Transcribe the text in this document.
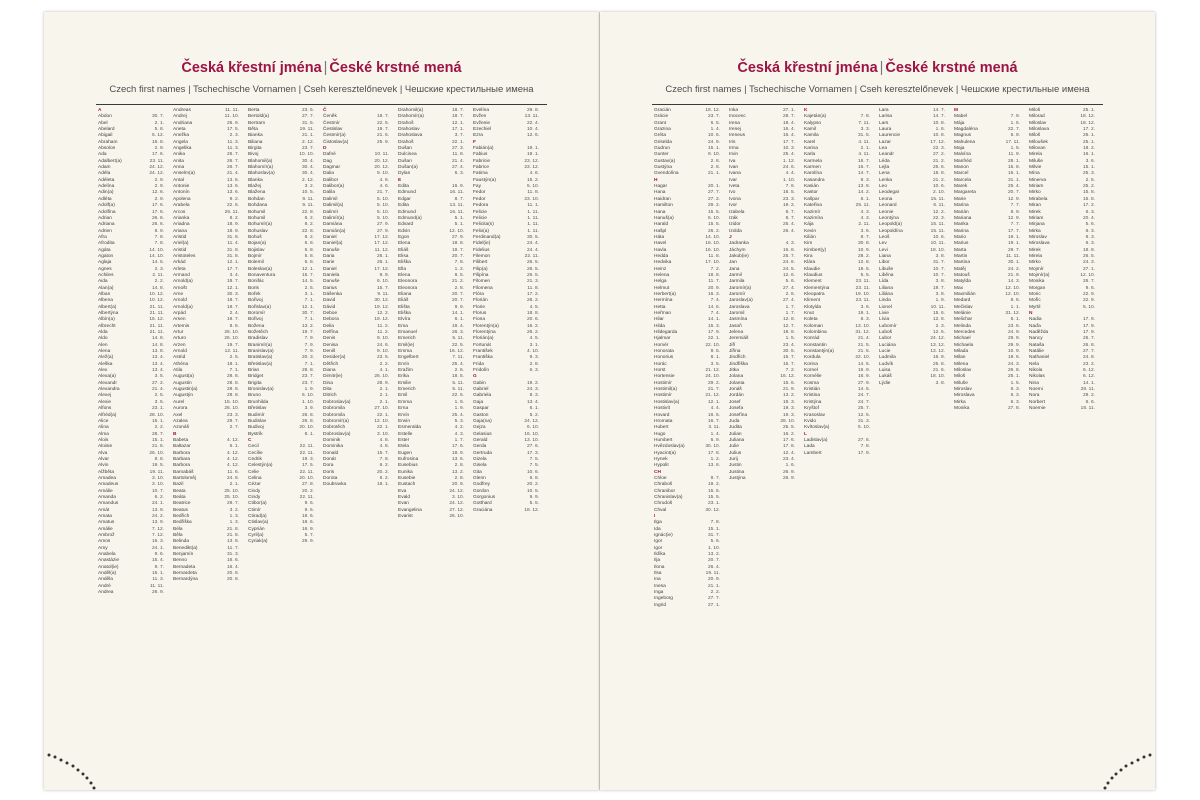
Česká křestní jména | České krstné mená
Czech first names | Tschechische Vornamen | Cseh keresztelőnevek | Чешские крестильные имена
A
Abdon	30. 7.
Abel	2. 1.
Abelard	5. 8.
Abigail	5. 12.
Abraham	16. 8.
Absolon	2. 9.
Ada	17. 6.
Adalbert(a)	23. 11.
Adam	24. 12.
Adéla	24. 12.
Adéleta	2. 9.
Adelína	2. 9.
Adin(a)	12. 6.
Adléta	2. 9.
Adolf(a)	17. 6.
Adolfína	17. 6.
Adrian	26. 6.
Adriana	26. 6.
Adrien	8. 9.
Afra	7. 8.
Afrodita	7. 8.
Agáta	14. 10.
Agaton	14. 10.
Aglaja	14. 5.
Agnes	2. 3.
Achiles	2. 11.
Aida	2. 2.
Alan(a)	14. 8.
Alban	10. 12.
Albena	10. 12.
Albert(a)	21. 11.
Albertýna	21. 11.
Albín(a)	16. 12.
Albrecht	21. 11.
Alda	21. 11.
Aldo	14. 8.
Alen	14. 8.
Alena	13. 8.
Alež(a)	13. 4.
Aleška	13. 4.
Alex	13. 4.
Alexa(a)	3. 5.
Alexandr	27. 2.
Alexandra	21. 4.
Alexej	2. 5.
Alexie	3. 5.
Alfons	23. 1.
Alfréd(a)	28. 10.
Alice	15. 1.
Alina	2. 2.
Alma	28. 7.
Alois	15. 1.
Aloisie	21. 6.
Alva	26. 10.
Alvar	8. 8.
Alvin	19. 5.
Alžběta	19. 11.
Amadea	3. 10.
Amadeus	3. 10.
Amálie	10. 7.
Amanda	6. 2.
Amandus	24. 1.
Amát	13. 9.
Amata	24. 2.
Amatus	13. 9.
Amálie	7. 12.
Ambrož	7. 12.
Amos	16. 3.
Amy	24. 1.
Anabela	9. 6.
Anastázie	15. 4.
Anatol(ie)	9. 7.
Anděl(a)	15. 1.
Anděla	11. 3.
André	11. 11.
Andrea	26. 9.
Andreas	11. 11.
Andrej	11. 10.
Andriana	26. 9.
Aneta	17. 5.
Anežka	2. 3.
Angela	11. 3.
Angelika	11. 3.
Anika	26. 7.
Anita	26. 7.
Anna	26. 7.
Anselm(a)	21. 4.
Antal	13. 6.
Antonie	13. 6.
Antonín	13. 6.
Apolena	9. 2.
Arabela	22. 6.
Arcos	26. 11.
Arianka	8. 2.
Ariadna	18. 9.
Ariana	18. 9.
Aristid	31. 8.
Ariel(a)	11. 4.
Aristid	31. 8.
Aristoteles	31. 8.
Arkád	12. 1.
Arleta	17. 7.
Armand	3. 4.
Arnold(a)	18. 7.
Arnošt	12. 1.
Arne	30. 3.
Arnold	18. 7.
Arnold(a)	18. 7.
Arpád	2. 4.
Arsen	19. 7.
Artemis	8. 6.
Artur	26. 10.
Arturo	26. 10.
Arzen	19. 7.
Arnold	12. 11.
Astrid	2. 5.
Athéna	18. 1.
Atila	7. 1.
August(a)	28. 8.
Augustin	28. 8.
Augustin(a)	28. 8.
Augustýn	28. 8.
Aurel	15. 10.
Aurora	26. 10.
Axel	23. 3.
Azalea	29. 7.
Azonáš	2. 7.
B
Babeta	4. 12.
Baltazar	6. 1.
Barbora	4. 12.
Barbara	4. 12.
Barbora	4. 12.
Barnabáš	11. 6.
Bartoloměj	24. 8.
Bazil	2. 1.
Beata	25. 10.
Beáta	25. 10.
Beatrice	29. 7.
Beatus	3. 2.
Bedřich	1. 3.
Bedřiška	1. 3.
Béla	21. 8.
Běla	21. 8.
Belinda	13. 8.
Benedikt(a)	11. 7.
Benjamín	31. 3.
Benno	16. 6.
Bernadeta	16. 4.
Bernardeta	20. 8.
Bernardýna	20. 8.
Berta	23. 5.
Bertold(a)	27. 7.
Bertram	31. 5.
Běta	19. 11.
Bianka	21. 1.
Biliana	2. 12.
Birgita	23. 7.
Bivoj	10. 10.
Blahomil(a)	30. 4.
Blahomír(a)	30. 4.
Blahoslav(a)	30. 4.
Blanka	2. 12.
Blažej	3. 2.
Blažena	10. 5.
Bohdan	9. 11.
Bohdana	9. 11.
Bohumil	22. 8.
Bohumil	8. 2.
Bohumír(a)	8. 2.
Bohuslav	22. 8.
Bohuš	8. 2.
Bojan(a)	5. 8.
Bojislav	5. 8.
Bojmír	5. 8.
Bolemil	5. 8.
Boleslav(a)	12. 1.
Bonaventura	15. 7.
Bonifác	14. 5.
Boris	2. 5.
Bořek	3. 1.
Bořivoj	7. 1.
Bořislav(a)	12. 1.
Boromír	30. 7.
Bořivoj	7. 1.
Božena	13. 2.
Božetěch	19. 7.
Bradislav	7. 9.
Branimír(a)	7. 9.
Branislav(a)	7. 9.
Bratislav(a)	20. 3.
Břetislav(a)	7. 1.
Brian	28. 8.
Bridget	23. 7.
Brigita	23. 7.
Bronislav(a)	1. 9.
Bruno	6. 10.
Brunhilda	1. 10.
Břetislav	3. 9.
Budimír	26. 8.
Budislav	26. 8.
Budivoj	20. 10.
Bystrík	8. 1.
C
Cecil	22. 11.
Cecílie	22. 11.
Cedrik	19. 3.
Celestýn(a)	17. 5.
Celie	22. 11.
Celina	20. 10.
Cézar	27. 8.
Cindy	20. 2.
Cindy	22. 11.
Ctibor(a)	9. 5.
Ctimír	9. 5.
Ctirad(a)	18. 6.
Ctislav(a)	18. 6.
Cyprián	16. 9.
Cyril(a)	5. 7.
Cyriak(a)	29. 9.
Č
Čeněk	19. 7.
Čestmír	22. 5.
Čestislav	19. 7.
Čestmír(a)	21. 5.
Čistoslav(a)	25. 9.
D
Dafné	10. 11.
Dag	20. 12.
Dagmar	20. 12.
Dalia	9. 10.
Dalibor	4. 6.
Dalibor(a)	4. 6.
Dalila	21. 7.
Dalimil	5. 10.
Dalimil(a)	5. 10.
Dalimír	5. 10.
Dalimír(a)	5. 10.
Damiána	27. 9.
Damián(a)	27. 9.
Daniel	17. 12.
Daniel(a)	17. 12.
Danuše	11. 12.
Daria	26. 1.
Darie	26. 1.
Daniel	17. 12.
Daniela	9. 9.
Danuše	6. 10.
Darius	15. 7.
Dášenka	9. 11.
David	30. 12.
Dávid	19. 12.
Deboe	12. 2.
Debora	19. 12.
Delia	11. 2.
Delfína	11. 2.
Denis	9. 10.
Denisa	24. 6.
Deniš	9. 10.
Desider(a)	23. 5.
Dětřich	2. 2.
Diana	4. 1.
Dimitr(ie)	26. 10.
Dina	28. 9.
Dita	2. 1.
Ditrich	2. 1.
Dobroslav(a)	2. 1.
Dobromila	27. 10.
Dobromila	22. 1.
Dobromír(a)	12. 10.
Dobrotěch	22. 1.
Dobroslav(a)	3. 10.
Dominik	4. 8.
Dominika	4. 8.
Donald	15. 7.
Donát	7. 8.
Dora	6. 2.
Doris	20. 2.
Dorota	6. 2.
Doubravka	19. 1.
Drahomil(a)	18. 7.
Drahomír(a)	18. 7.
Drahoš	12. 1.
Drahoslav	17. 1.
Drahoslava	3. 7.
Drahoš	22. 1.
Dušan	27. 3.
Dulcinea	11. 8.
Dušan	21. 4.
Dušan(a)	27. 4.
Dylan	6. 3.
E
Edita	16. 9.
Edmund	16. 11.
Edgar	8. 7.
Edita	13. 11.
Edmund	16. 11.
Edmund(a)	5. 1.
Edvard	5. 1.
Edvin	12. 10.
Egon	27. 9.
Elena	18. 8.
Eliáš	19. 7.
Elisa	20. 7.
Eliška	7. 8.
Ella	1. 2.
Elena	8. 5.
Eleonora	21. 2.
Eleonora	2. 8.
Eliana	20. 7.
Eliáš	20. 7.
Elišta	9. 9.
Eliška	14. 1.
Elvíra	6. 1.
Ema	19. 4.
Emanuel	26. 3.
Emerich	5. 11.
Emil(ie)	22. 5.
Emma	16. 12.
Engelbert	7. 11.
Ervín	25. 4.
Eražim	2. 6.
Erika	18. 5.
Emilie	5. 11.
Emerich	5. 11.
Emil	22. 5.
Emma	1. 9.
Erna	1. 9.
Ervín	25. 4.
Erwin	5. 3.
Esmeralda	4. 2.
Estelle	4. 3.
Ester	1. 7.
Etela	17. 6.
Eugen	18. 9.
Eufrosina	13. 6.
Eusebius	2. 8.
Eunika	13. 2.
Eusebie	2. 8.
Eustach	20. 9.
Eva	24. 12.
Evald	3. 10.
Evan	24. 12.
Evangelina	27. 12.
Evarist	26. 10.
Evelína	29. 8.
Evžen	13. 11.
Evženie	22. 4.
Ezechiel	10. 4.
Ezra	12. 6.
F
Fabián(a)	19. 1.
Fabius	19. 1.
Fabricie	23. 12.
Fabrice	23. 12.
Fatima	4. 6.
Faustýn(a)	15. 2.
Fay	5. 10.
Fedor	11. 8.
Fedor	23. 10.
Fedora	11. 1.
Felicie	1. 11.
Felicie	1. 11.
Felicita(s)	1. 11.
Felix(a)	1. 11.
Ferdinand(a)	30. 5.
Fidel(ie)	24. 4.
Fidelius	24. 4.
Filemon	22. 11.
Filibert	26. 5.
Filip(a)	26. 5.
Filipína	26. 5.
Filomen	21. 3.
Filomena	11. 8.
Flóra	17. 2.
Florián	28. 2.
Florie	4. 5.
Florus	18. 8.
Fiona	20. 6.
Florentýn(a)	16. 2.
Florentýna	26. 2.
Florián(a)	4. 5.
Fortunát	3. 1.
František	4. 10.
Františka	9. 3.
Frida	2. 8.
Fridolín	6. 3.
G
Gabin	19. 2.
Gabriel	24. 3.
Gabriela	8. 3.
Gaja	13. 4.
Gaspar	6. 1.
Gaston	5. 2.
Gaja(na)	24. 12.
Gejza	6. 10.
Gelasius	16. 10.
Gerald	13. 10.
Gerda	27. 6.
Gertruda	17. 3.
Gizela	7. 5.
Gisela	7. 5.
Gita	10. 6.
Glenn	6. 8.
Godfrey	20. 2.
Gordon	10. 5.
Gorgonius	9. 9.
Gotthard	5. 5.
Graciána	18. 12.
Česká křestní jména | České krstné mená
Czech first names | Tschechische Vornamen | Cseh keresztelőnevek | Чешские крестильные имена
Gracián	18. 12.
Grácie	23. 7.
Grant	6. 5.
Grazina	1. 4.
Gréta	10. 6.
Griselda	24. 9.
Gudrun	15. 1.
Gunter	9. 10.
Gustav(a)	2. 8.
Gustýna	2. 8.
Gvendolína	21. 1.
H
Hagar	20. 1.
Hana	27. 7.
Haidran	27. 2.
Hamilton	29. 2.
Hana	15. 5.
Hanuš(a)	6. 10.
Harald	15. 5.
Hašpl	26. 2.
Háta	14. 10.
Havel	16. 10.
Havla	16. 10.
Hedda	11. 8.
Hedvika	17. 10.
Heinz	7. 2.
Helena	18. 8.
Helga	11. 7.
Helmut	20. 9.
Herbert(a)	16. 3.
Hermína	7. 4.
Hetta	14. 6.
Heřman	7. 4.
Hilar	14. 1.
Hilda	15. 3.
Hildegarda	17. 9.
Hjalmar	22. 1.
Homér	22. 10.
Honorata	9. 5.
Honorius	8. 1.
Horác	3. 5.
Horst	21. 12.
Hortensie	24. 10.
Hostimír	29. 2.
Hostimil(a)	21. 7.
Hostimír	21. 12.
Hostislav(a)	12. 1.
Hostivít	4. 4.
Hovard	16. 5.
Hromata	16. 7.
Hubert	3. 11.
Hugo	1. 4.
Humbert	6. 9.
Hvězdoslav(a)	30. 10.
Hyacint(a)	17. 8.
Hynek	1. 2.
Hypolit	13. 8.
CH
Chloe	9. 7.
Chraboš	19. 2.
Chranibor	15. 5.
Chranislav(a)	15. 5.
Chrudoš	23. 1.
Chval	30. 12.
I
Ilga	7. 8.
Ida	15. 1.
Ignác(ie)	31. 7.
Igor	5. 6.
Igor	1. 10.
Ilďika	13. 2.
Ilja	20. 7.
Ilona	26. 4.
Ilsa	19. 11.
Ina	20. 9.
Inesa	21. 1.
Inga	2. 2.
Ingeborg	27. 7.
Ingrid	27. 1.
Inka	27. 1.
Inocenc	28. 7.
Irena	18. 4.
Irenej	16. 4.
Ireneus	16. 4.
Iris	17. 7.
Irma	10. 3.
Irvin	25. 4.
Iva	1. 12.
Ivan	24. 6.
Ivana	4. 4.
Ivar	1. 10.
Iveta	7. 6.
Ivo	16. 5.
Ivona	23. 3.
Ivor	19. 2.
Izabela	8. 7.
Izák	8. 7.
Izidor	25. 4.
Izolda	26. 4.
J
Jadranka	4. 3.
Jáchym	16. 8.
Jakub(ie)	25. 7.
Jan	24. 6.
Jana	24. 5.
Jarmil	12. 6.
Jarmila	5. 6.
Jaromír(a)	27. 4.
Jaromír	2. 6.
Jaroslav(a)	27. 4.
Jaroslava	1. 7.
Jaromil	1. 7.
Jasmína	12. 8.
Jasoň	12. 7.
Jelena	18. 8.
Jeremiáš	1. 5.
Jiří	23. 4.
Jiřina	30. 5.
Jindřich	15. 7.
Jindřiška	15. 7.
Jitka	7. 2.
Jolana	16. 12.
Jolanta	15. 6.
Jonáš	21. 9.
Jordán	13. 2.
Josef	19. 3.
Josefa	19. 3.
Josefína	19. 3.
Juda	28. 10.
Judita	25. 5.
Julian	16. 2.
Juliana	17. 6.
Julie	17. 6.
Julius	12. 4.
Jurij	23. 4.
Justin	1. 6.
Justina	26. 9.
Justýna	26. 9.
K
Kajetán(a)	7. 8.
Kalypso	7. 11.
Kamil	3. 3.
Kamila	31. 5.
Karel	4. 11.
Karina	2. 1.
Karla	4. 11.
Karmela	16. 7.
Karmen	16. 7.
Karolína	14. 7.
Kasandra	9. 3.
Kasián	13. 8.
Kastor	14. 2.
Kašpar	6. 1.
Kateřina	25. 11.
Kazimír	4. 3.
Kazimíra	4. 3.
Kája	2. 11.
Kevin	3. 6.
Kilián	8. 7.
Kim	30. 8.
Kimbert(y)	10. 9.
Kira	28. 2.
Klára	12. 8.
Klaudie	18. 5.
Klaudius	5. 5.
Klement	23. 11.
Klementýna	23. 11.
Kleopatra	19. 10.
Kliment	23. 11.
Klotylda	3. 6.
Knut	19. 1.
Koleta	6. 3.
Koloman	13. 10.
Kolombina	31. 12.
Konrád	21. 4.
Konstantin	21. 5.
Konstantýn(a)	21. 5.
Kordula	22. 10.
Korina	14. 5.
Kornel	16. 9.
Kornélie	16. 9.
Kosma	27. 9.
Kristián	14. 5.
Kristina	24. 7.
Kristýna	24. 7.
Kryštof	25. 7.
Krasoslav	12. 5.
Kvido	31. 3.
Kvítoslav(a)	5. 10.
L
Ladislav(a)	27. 6.
Lada	7. 8.
Lambert	17. 9.
Lara	14. 7.
Larisa	14. 7.
Lars	10. 8.
Laura	1. 6.
Laurencie	10. 8.
Lazar	17. 12.
Lea	22. 3.
Leandr	27. 2.
Léda	21. 2.
Lejla	25. 6.
Lena	18. 8.
Lenka	21. 2.
Leo	10. 6.
Leodegar	2. 10.
Leona	15. 11.
Leonard	6. 11.
Leonie	12. 2.
Leontýna	22. 3.
Leopold(a)	15. 11.
Leopoldína	15. 11.
Leoš	10. 6.
Lev	10. 11.
Levi	18. 10.
Liana	3. 8.
Libor	31. 7.
Libuše	10. 7.
Liběna	10. 7.
Lída	3. 8.
Liliana	19. 7.
Liliána	3. 8.
Linda	1. 9.
Lionel	10. 11.
Livie	15. 6.
Lívia	12. 8.
Lubomír	2. 3.
Luboš	12. 6.
Lubor	24. 12.
Luciána	13. 12.
Lucie	13. 12.
Ludmila	16. 9.
Ludvík	25. 8.
Luisa	21. 6.
Lukáš	18. 10.
Lýdie	3. 8.
M
Mabel	7. 9.
Mája	1. 5.
Magdaléna	22. 7.
Magnus	6. 9.
Mahulena	17. 11.
Maja	1. 5.
Malvína	11. 9.
Manfréd	28. 1.
Manon	15. 8.
Marcel	16. 1.
Marcela	31. 1.
Marek	25. 4.
Margareta	20. 7.
Marie	12. 9.
Marina	7. 7.
Marián	8. 9.
Mariana	12. 9.
Marika	7. 7.
Marina	17. 7.
Mario	19. 1.
Marius	19. 1.
Marta	29. 7.
Martin	11. 11.
Martina	30. 1.
Matěj	24. 2.
Matouš	21. 9.
Matylda	14. 3.
Max	12. 10.
Maxmilián	12. 10.
Medard	8. 6.
Mečislav	1. 1.
Melánie	31. 12.
Melichar	6. 1.
Melinda	23. 6.
Mercedes	24. 9.
Michael	29. 9.
Michaela	29. 9.
Milada	10. 9.
Milan	18. 6.
Milena	24. 3.
Miloslav	26. 8.
Miloš	25. 1.
Miluše	1. 5.
Miroslav	6. 3.
Miroslava	6. 3.
Mirka	6. 3.
Monika	27. 8.
Miloš	25. 1.
Milorad	18. 12.
Miloslav	18. 12.
Miloslava	17. 2.
Miloš	26. 1.
Miloušek	25. 1.
Milovan	18. 2.
Mirela	16. 1.
Miluše	3. 6.
Milvie	15. 1.
Mína	25. 3.
Minerva	2. 5.
Miriam	25. 2.
Mirko	15. 8.
Mirabela	15. 8.
Miran	17. 2.
Mirek	6. 3.
Miriam	20. 4.
Mirjana	5. 6.
Mirka	6. 3.
Miroslav	6. 3.
Miroslava	6. 3.
Mirek	18. 8.
Mirela	26. 5.
Mirko	24. 3.
Mojmír	27. 1.
Mojmír(a)	12. 10.
Monika	26. 7.
Morgan	9. 6.
Moric	22. 9.
Mořic	22. 9.
Myrtil	5. 10.
N
Nadia	17. 9.
Naďa	17. 9.
Naděžda	17. 9.
Nancy	26. 7.
Nataša	26. 8.
Natálie	27. 7.
Nathaniel	24. 8.
Nela	23. 2.
Nikola	6. 12.
Nikolas	6. 12.
Nina	14. 1.
Noemi	28. 11.
Nora	29. 2.
Norbert	6. 6.
Noemie	18. 11.
